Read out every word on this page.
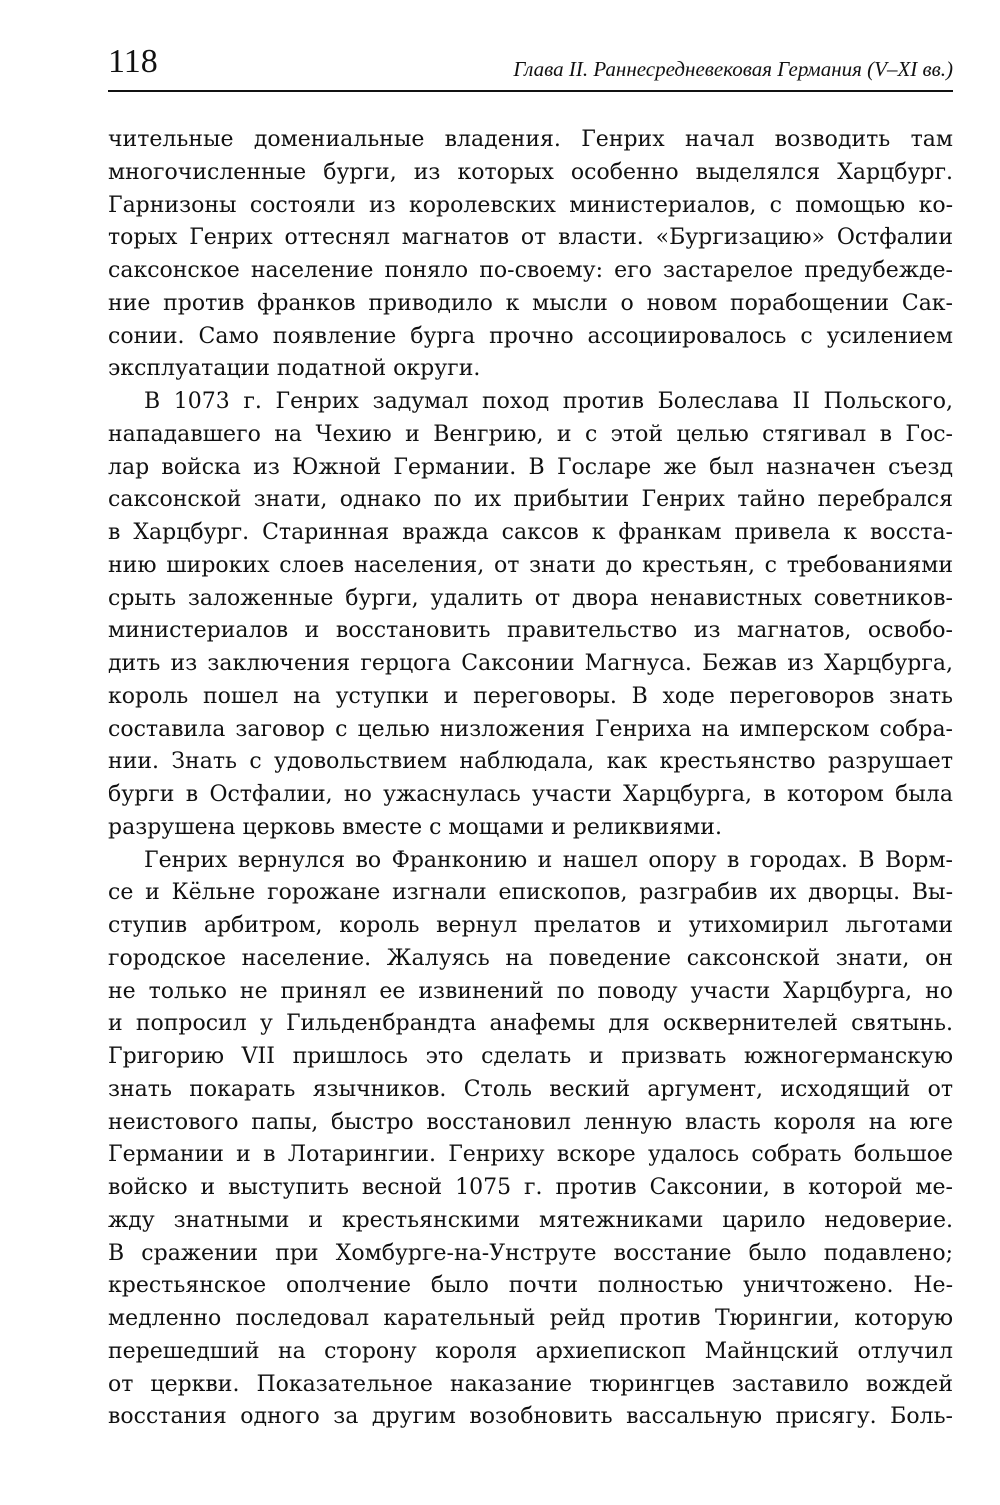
118	Глава II. Раннесредневековая Германия (V–XI вв.)
чительные домениальные владения. Генрих начал возводить там
многочисленные бурги, из которых особенно выделялся Харцбург.
Гарнизоны состояли из королевских министериалов, с помощью ко-
торых Генрих оттеснял магнатов от власти. «Бургизацию» Остфалии
саксонское население поняло по-своему: его застарелое предубежде-
ние против франков приводило к мысли о новом порабощении Сак-
сонии. Само появление бурга прочно ассоциировалось с усилением
эксплуатации податной округи.
В 1073 г. Генрих задумал поход против Болеслава II Польского,
нападавшего на Чехию и Венгрию, и с этой целью стягивал в Гос-
лар войска из Южной Германии. В Госларе же был назначен съезд
саксонской знати, однако по их прибытии Генрих тайно перебрался
в Харцбург. Старинная вражда саксов к франкам привела к восста-
нию широких слоев населения, от знати до крестьян, с требованиями
срыть заложенные бурги, удалить от двора ненавистных советников-
министериалов и восстановить правительство из магнатов, освобо-
дить из заключения герцога Саксонии Магнуса. Бежав из Харцбурга,
король пошел на уступки и переговоры. В ходе переговоров знать
составила заговор с целью низложения Генриха на имперском собра-
нии. Знать с удовольствием наблюдала, как крестьянство разрушает
бурги в Остфалии, но ужаснулась участи Харцбурга, в котором была
разрушена церковь вместе с мощами и реликвиями.
Генрих вернулся во Франконию и нашел опору в городах. В Ворм-
се и Кёльне горожане изгнали епископов, разграбив их дворцы. Вы-
ступив арбитром, король вернул прелатов и утихомирил льготами
городское население. Жалуясь на поведение саксонской знати, он
не только не принял ее извинений по поводу участи Харцбурга, но
и попросил у Гильденбрандта анафемы для осквернителей святынь.
Григорию VII пришлось это сделать и призвать южногерманскую
знать покарать язычников. Столь веский аргумент, исходящий от
неистового папы, быстро восстановил ленную власть короля на юге
Германии и в Лотарингии. Генриху вскоре удалось собрать большое
войско и выступить весной 1075 г. против Саксонии, в которой ме-
жду знатными и крестьянскими мятежниками царило недоверие.
В сражении при Хомбурге-на-Унструте восстание было подавлено;
крестьянское ополчение было почти полностью уничтожено. Не-
медленно последовал карательный рейд против Тюрингии, которую
перешедший на сторону короля архиепископ Майнцский отлучил
от церкви. Показательное наказание тюрингцев заставило вождей
восстания одного за другим возобновить вассальную присягу. Боль-
